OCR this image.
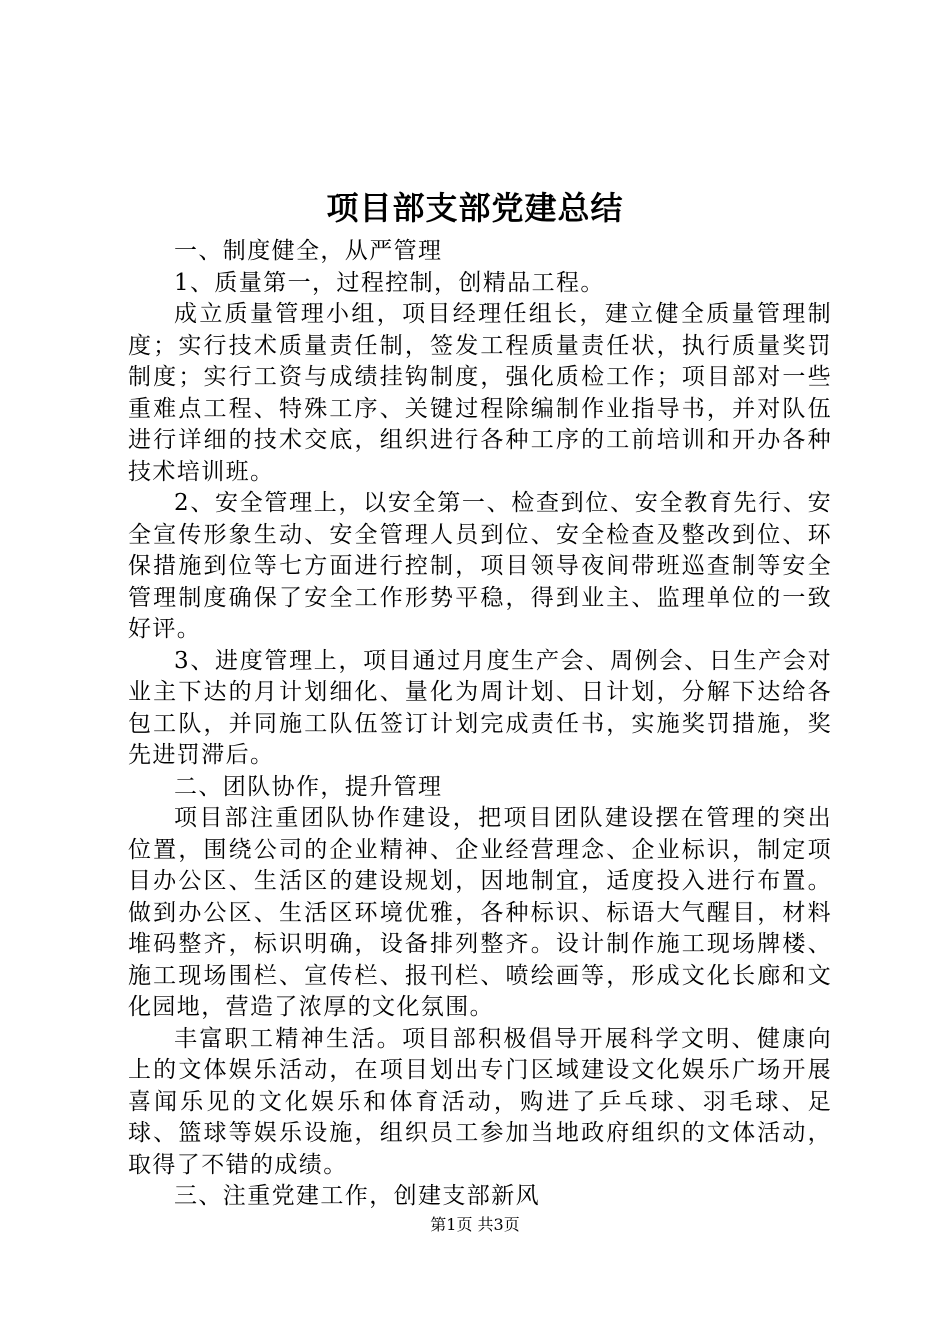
项目部支部党建总结

一、制度健全，从严管理

1、质量第一，过程控制，创精品工程。

成立质量管理小组，项目经理任组长，建立健全质量管理制度；实行技术质量责任制，签发工程质量责任状，执行质量奖罚制度；实行工资与成绩挂钩制度，强化质检工作；项目部对一些重难点工程、特殊工序、关键过程除编制作业指导书，并对队伍进行详细的技术交底，组织进行各种工序的工前培训和开办各种技术培训班。

2、安全管理上，以安全第一、检查到位、安全教育先行、安全宣传形象生动、安全管理人员到位、安全检查及整改到位、环保措施到位等七方面进行控制，项目领导夜间带班巡查制等安全管理制度确保了安全工作形势平稳，得到业主、监理单位的一致好评。

3、进度管理上，项目通过月度生产会、周例会、日生产会对业主下达的月计划细化、量化为周计划、日计划，分解下达给各包工队，并同施工队伍签订计划完成责任书，实施奖罚措施，奖先进罚滞后。

二、团队协作，提升管理

项目部注重团队协作建设，把项目团队建设摆在管理的突出位置，围绕公司的企业精神、企业经营理念、企业标识，制定项目办公区、生活区的建设规划，因地制宜，适度投入进行布置。做到办公区、生活区环境优雅，各种标识、标语大气醒目，材料堆码整齐，标识明确，设备排列整齐。设计制作施工现场牌楼、施工现场围栏、宣传栏、报刊栏、喷绘画等，形成文化长廊和文化园地，营造了浓厚的文化氛围。

丰富职工精神生活。项目部积极倡导开展科学文明、健康向上的文体娱乐活动，在项目划出专门区域建设文化娱乐广场开展喜闻乐见的文化娱乐和体育活动，购进了乒乓球、羽毛球、足球、篮球等娱乐设施，组织员工参加当地政府组织的文体活动，取得了不错的成绩。

三、注重党建工作，创建支部新风

第1页 共3页
